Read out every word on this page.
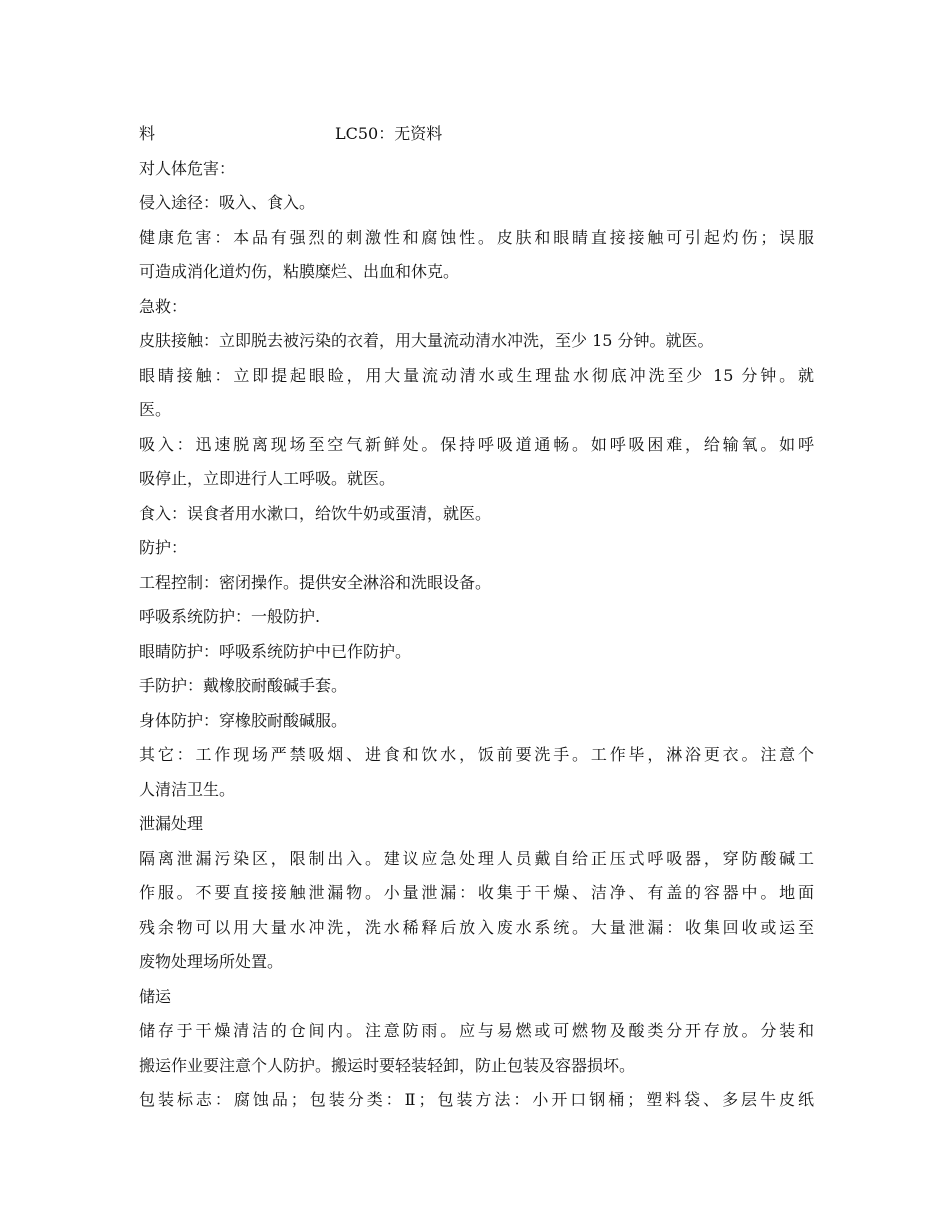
料	LC50：无资料
对人体危害：
侵入途径：吸入、食入。
健康危害：本品有强烈的刺激性和腐蚀性。皮肤和眼睛直接接触可引起灼伤；误服
可造成消化道灼伤，粘膜糜烂、出血和休克。
急救：
皮肤接触：立即脱去被污染的衣着，用大量流动清水冲洗，至少 15 分钟。就医。
眼睛接触：立即提起眼睑，用大量流动清水或生理盐水彻底冲洗至少 15 分钟。就
医。
吸入：迅速脱离现场至空气新鲜处。保持呼吸道通畅。如呼吸困难，给输氧。如呼
吸停止，立即进行人工呼吸。就医。
食入：误食者用水漱口，给饮牛奶或蛋清，就医。
防护：
工程控制：密闭操作。提供安全淋浴和洗眼设备。
呼吸系统防护：一般防护.
眼睛防护：呼吸系统防护中已作防护。
手防护：戴橡胶耐酸碱手套。
身体防护：穿橡胶耐酸碱服。
其它：工作现场严禁吸烟、进食和饮水，饭前要洗手。工作毕，淋浴更衣。注意个
人清洁卫生。
泄漏处理
隔离泄漏污染区，限制出入。建议应急处理人员戴自给正压式呼吸器，穿防酸碱工
作服。不要直接接触泄漏物。小量泄漏：收集于干燥、洁净、有盖的容器中。地面
残余物可以用大量水冲洗，洗水稀释后放入废水系统。大量泄漏：收集回收或运至
废物处理场所处置。
储运
储存于干燥清洁的仓间内。注意防雨。应与易燃或可燃物及酸类分开存放。分装和
搬运作业要注意个人防护。搬运时要轻装轻卸，防止包装及容器损坏。
包装标志：腐蚀品；包装分类：Ⅱ；包装方法：小开口钢桶；塑料袋、多层牛皮纸
